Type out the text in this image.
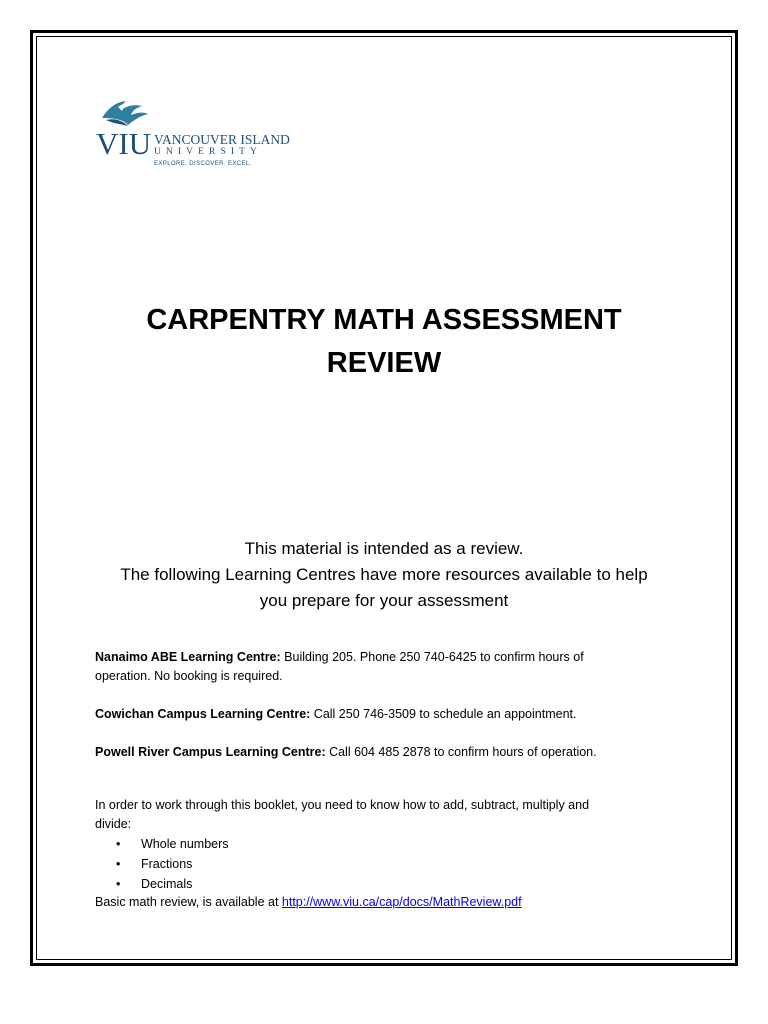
VIU VANCOUVER ISLAND
UNIVERSITY
EXPLORE. DISCOVER. EXCEL.
CARPENTRY MATH ASSESSMENT
REVIEW
This material is intended as a review.
The following Learning Centres have more resources available to help
you prepare for your assessment
Nanaimo ABE Learning Centre: Building 205. Phone 250 740-6425 to confirm hours of
operation. No booking is required.
Cowichan Campus Learning Centre: Call 250 746-3509 to schedule an appointment.
Powell River Campus Learning Centre: Call 604 485 2878 to confirm hours of operation.
In order to work through this booklet, you need to know how to add, subtract, multiply and
divide:
• Whole numbers
• Fractions
• Decimals
Basic math review, is available at http://www.viu.ca/cap/docs/MathReview.pdf
